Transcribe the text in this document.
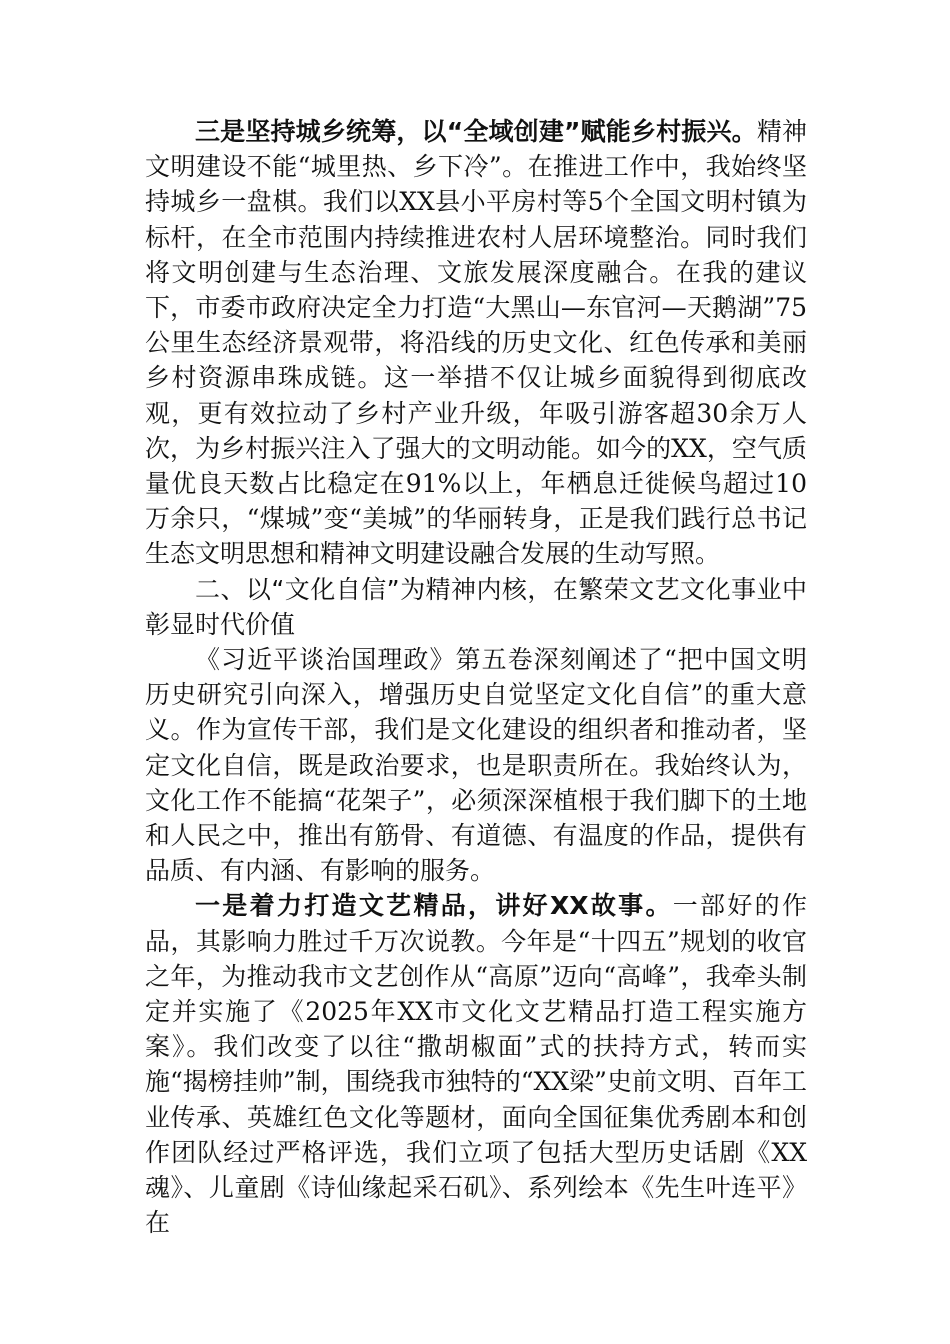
三是坚持城乡统筹，以“全域创建”赋能乡村振兴。精神文明建设不能“城里热、乡下冷”。在推进工作中，我始终坚持城乡一盘棋。我们以XX县小平房村等5个全国文明村镇为标杆，在全市范围内持续推进农村人居环境整治。同时我们将文明创建与生态治理、文旅发展深度融合。在我的建议下，市委市政府决定全力打造“大黑山—东官河—天鹅湖”75公里生态经济景观带，将沿线的历史文化、红色传承和美丽乡村资源串珠成链。这一举措不仅让城乡面貌得到彻底改观，更有效拉动了乡村产业升级，年吸引游客超30余万人次，为乡村振兴注入了强大的文明动能。如今的XX，空气质量优良天数占比稳定在91%以上，年栖息迁徙候鸟超过10万余只，“煤城”变“美城”的华丽转身，正是我们践行总书记生态文明思想和精神文明建设融合发展的生动写照。

二、以“文化自信”为精神内核，在繁荣文艺文化事业中彰显时代价值

《习近平谈治国理政》第五卷深刻阐述了“把中国文明历史研究引向深入，增强历史自觉坚定文化自信”的重大意义。作为宣传干部，我们是文化建设的组织者和推动者，坚定文化自信，既是政治要求，也是职责所在。我始终认为，文化工作不能搞“花架子”，必须深深植根于我们脚下的土地和人民之中，推出有筋骨、有道德、有温度的作品，提供有品质、有内涵、有影响的服务。

一是着力打造文艺精品，讲好XX故事。一部好的作品，其影响力胜过千万次说教。今年是“十四五”规划的收官之年，为推动我市文艺创作从“高原”迈向“高峰”，我牵头制定并实施了《2025年XX市文化文艺精品打造工程实施方案》。我们改变了以往“撒胡椒面”式的扶持方式，转而实施“揭榜挂帅”制，围绕我市独特的“XX梁”史前文明、百年工业传承、英雄红色文化等题材，面向全国征集优秀剧本和创作团队经过严格评选，我们立项了包括大型历史话剧《XX魂》、儿童剧《诗仙缘起采石矶》、系列绘本《先生叶连平》在
